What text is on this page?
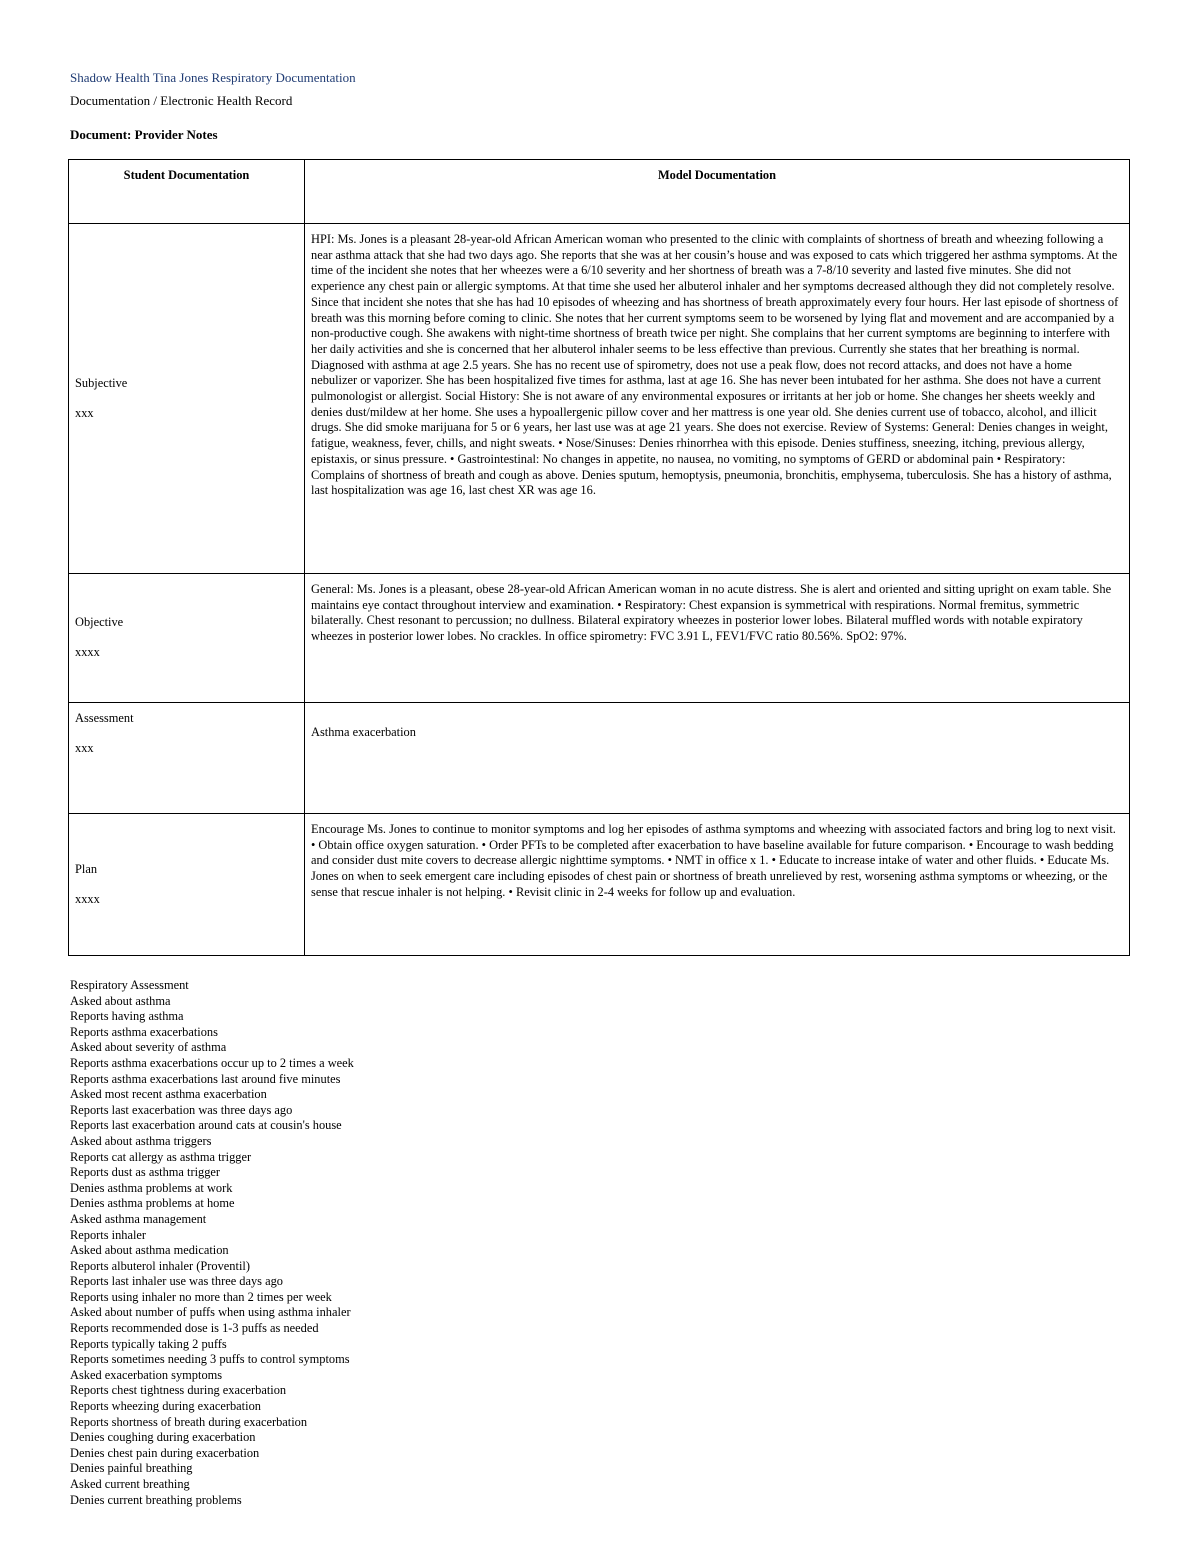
Shadow Health Tina Jones Respiratory Documentation
Documentation / Electronic Health Record
Document: Provider Notes
Student Documentation	Model Documentation

Subjective
xxx	HPI: Ms. Jones is a pleasant 28-year-old African American woman who presented to the clinic with complaints of shortness of breath and wheezing following a near asthma attack that she had two days ago. She reports that she was at her cousin’s house and was exposed to cats which triggered her asthma symptoms. At the time of the incident she notes that her wheezes were a 6/10 severity and her shortness of breath was a 7-8/10 severity and lasted five minutes. She did not experience any chest pain or allergic symptoms. At that time she used her albuterol inhaler and her symptoms decreased although they did not completely resolve. Since that incident she notes that she has had 10 episodes of wheezing and has shortness of breath approximately every four hours. Her last episode of shortness of breath was this morning before coming to clinic. She notes that her current symptoms seem to be worsened by lying flat and movement and are accompanied by a non-productive cough. She awakens with night-time shortness of breath twice per night. She complains that her current symptoms are beginning to interfere with her daily activities and she is concerned that her albuterol inhaler seems to be less effective than previous. Currently she states that her breathing is normal. Diagnosed with asthma at age 2.5 years. She has no recent use of spirometry, does not use a peak flow, does not record attacks, and does not have a home nebulizer or vaporizer. She has been hospitalized five times for asthma, last at age 16. She has never been intubated for her asthma. She does not have a current pulmonologist or allergist. Social History: She is not aware of any environmental exposures or irritants at her job or home. She changes her sheets weekly and denies dust/mildew at her home. She uses a hypoallergenic pillow cover and her mattress is one year old. She denies current use of tobacco, alcohol, and illicit drugs. She did smoke marijuana for 5 or 6 years, her last use was at age 21 years. She does not exercise. Review of Systems: General: Denies changes in weight, fatigue, weakness, fever, chills, and night sweats. • Nose/Sinuses: Denies rhinorrhea with this episode. Denies stuffiness, sneezing, itching, previous allergy, epistaxis, or sinus pressure. • Gastrointestinal: No changes in appetite, no nausea, no vomiting, no symptoms of GERD or abdominal pain • Respiratory: Complains of shortness of breath and cough as above. Denies sputum, hemoptysis, pneumonia, bronchitis, emphysema, tuberculosis. She has a history of asthma, last hospitalization was age 16, last chest XR was age 16.

Objective
xxxx	General: Ms. Jones is a pleasant, obese 28-year-old African American woman in no acute distress. She is alert and oriented and sitting upright on exam table. She maintains eye contact throughout interview and examination. • Respiratory: Chest expansion is symmetrical with respirations. Normal fremitus, symmetric bilaterally. Chest resonant to percussion; no dullness. Bilateral expiratory wheezes in posterior lower lobes. Bilateral muffled words with notable expiratory wheezes in posterior lower lobes. No crackles. In office spirometry: FVC 3.91 L, FEV1/FVC ratio 80.56%. SpO2: 97%.

Assessment
xxx	Asthma exacerbation

Plan
xxxx	Encourage Ms. Jones to continue to monitor symptoms and log her episodes of asthma symptoms and wheezing with associated factors and bring log to next visit. • Obtain office oxygen saturation. • Order PFTs to be completed after exacerbation to have baseline available for future comparison. • Encourage to wash bedding and consider dust mite covers to decrease allergic nighttime symptoms. • NMT in office x 1. • Educate to increase intake of water and other fluids. • Educate Ms. Jones on when to seek emergent care including episodes of chest pain or shortness of breath unrelieved by rest, worsening asthma symptoms or wheezing, or the sense that rescue inhaler is not helping. • Revisit clinic in 2-4 weeks for follow up and evaluation.
Respiratory Assessment
Asked about asthma
Reports having asthma
Reports asthma exacerbations
Asked about severity of asthma
Reports asthma exacerbations occur up to 2 times a week
Reports asthma exacerbations last around five minutes
Asked most recent asthma exacerbation
Reports last exacerbation was three days ago
Reports last exacerbation around cats at cousin's house
Asked about asthma triggers
Reports cat allergy as asthma trigger
Reports dust as asthma trigger
Denies asthma problems at work
Denies asthma problems at home
Asked asthma management
Reports inhaler
Asked about asthma medication
Reports albuterol inhaler (Proventil)
Reports last inhaler use was three days ago
Reports using inhaler no more than 2 times per week
Asked about number of puffs when using asthma inhaler
Reports recommended dose is 1-3 puffs as needed
Reports typically taking 2 puffs
Reports sometimes needing 3 puffs to control symptoms
Asked exacerbation symptoms
Reports chest tightness during exacerbation
Reports wheezing during exacerbation
Reports shortness of breath during exacerbation
Denies coughing during exacerbation
Denies chest pain during exacerbation
Denies painful breathing
Asked current breathing
Denies current breathing problems
